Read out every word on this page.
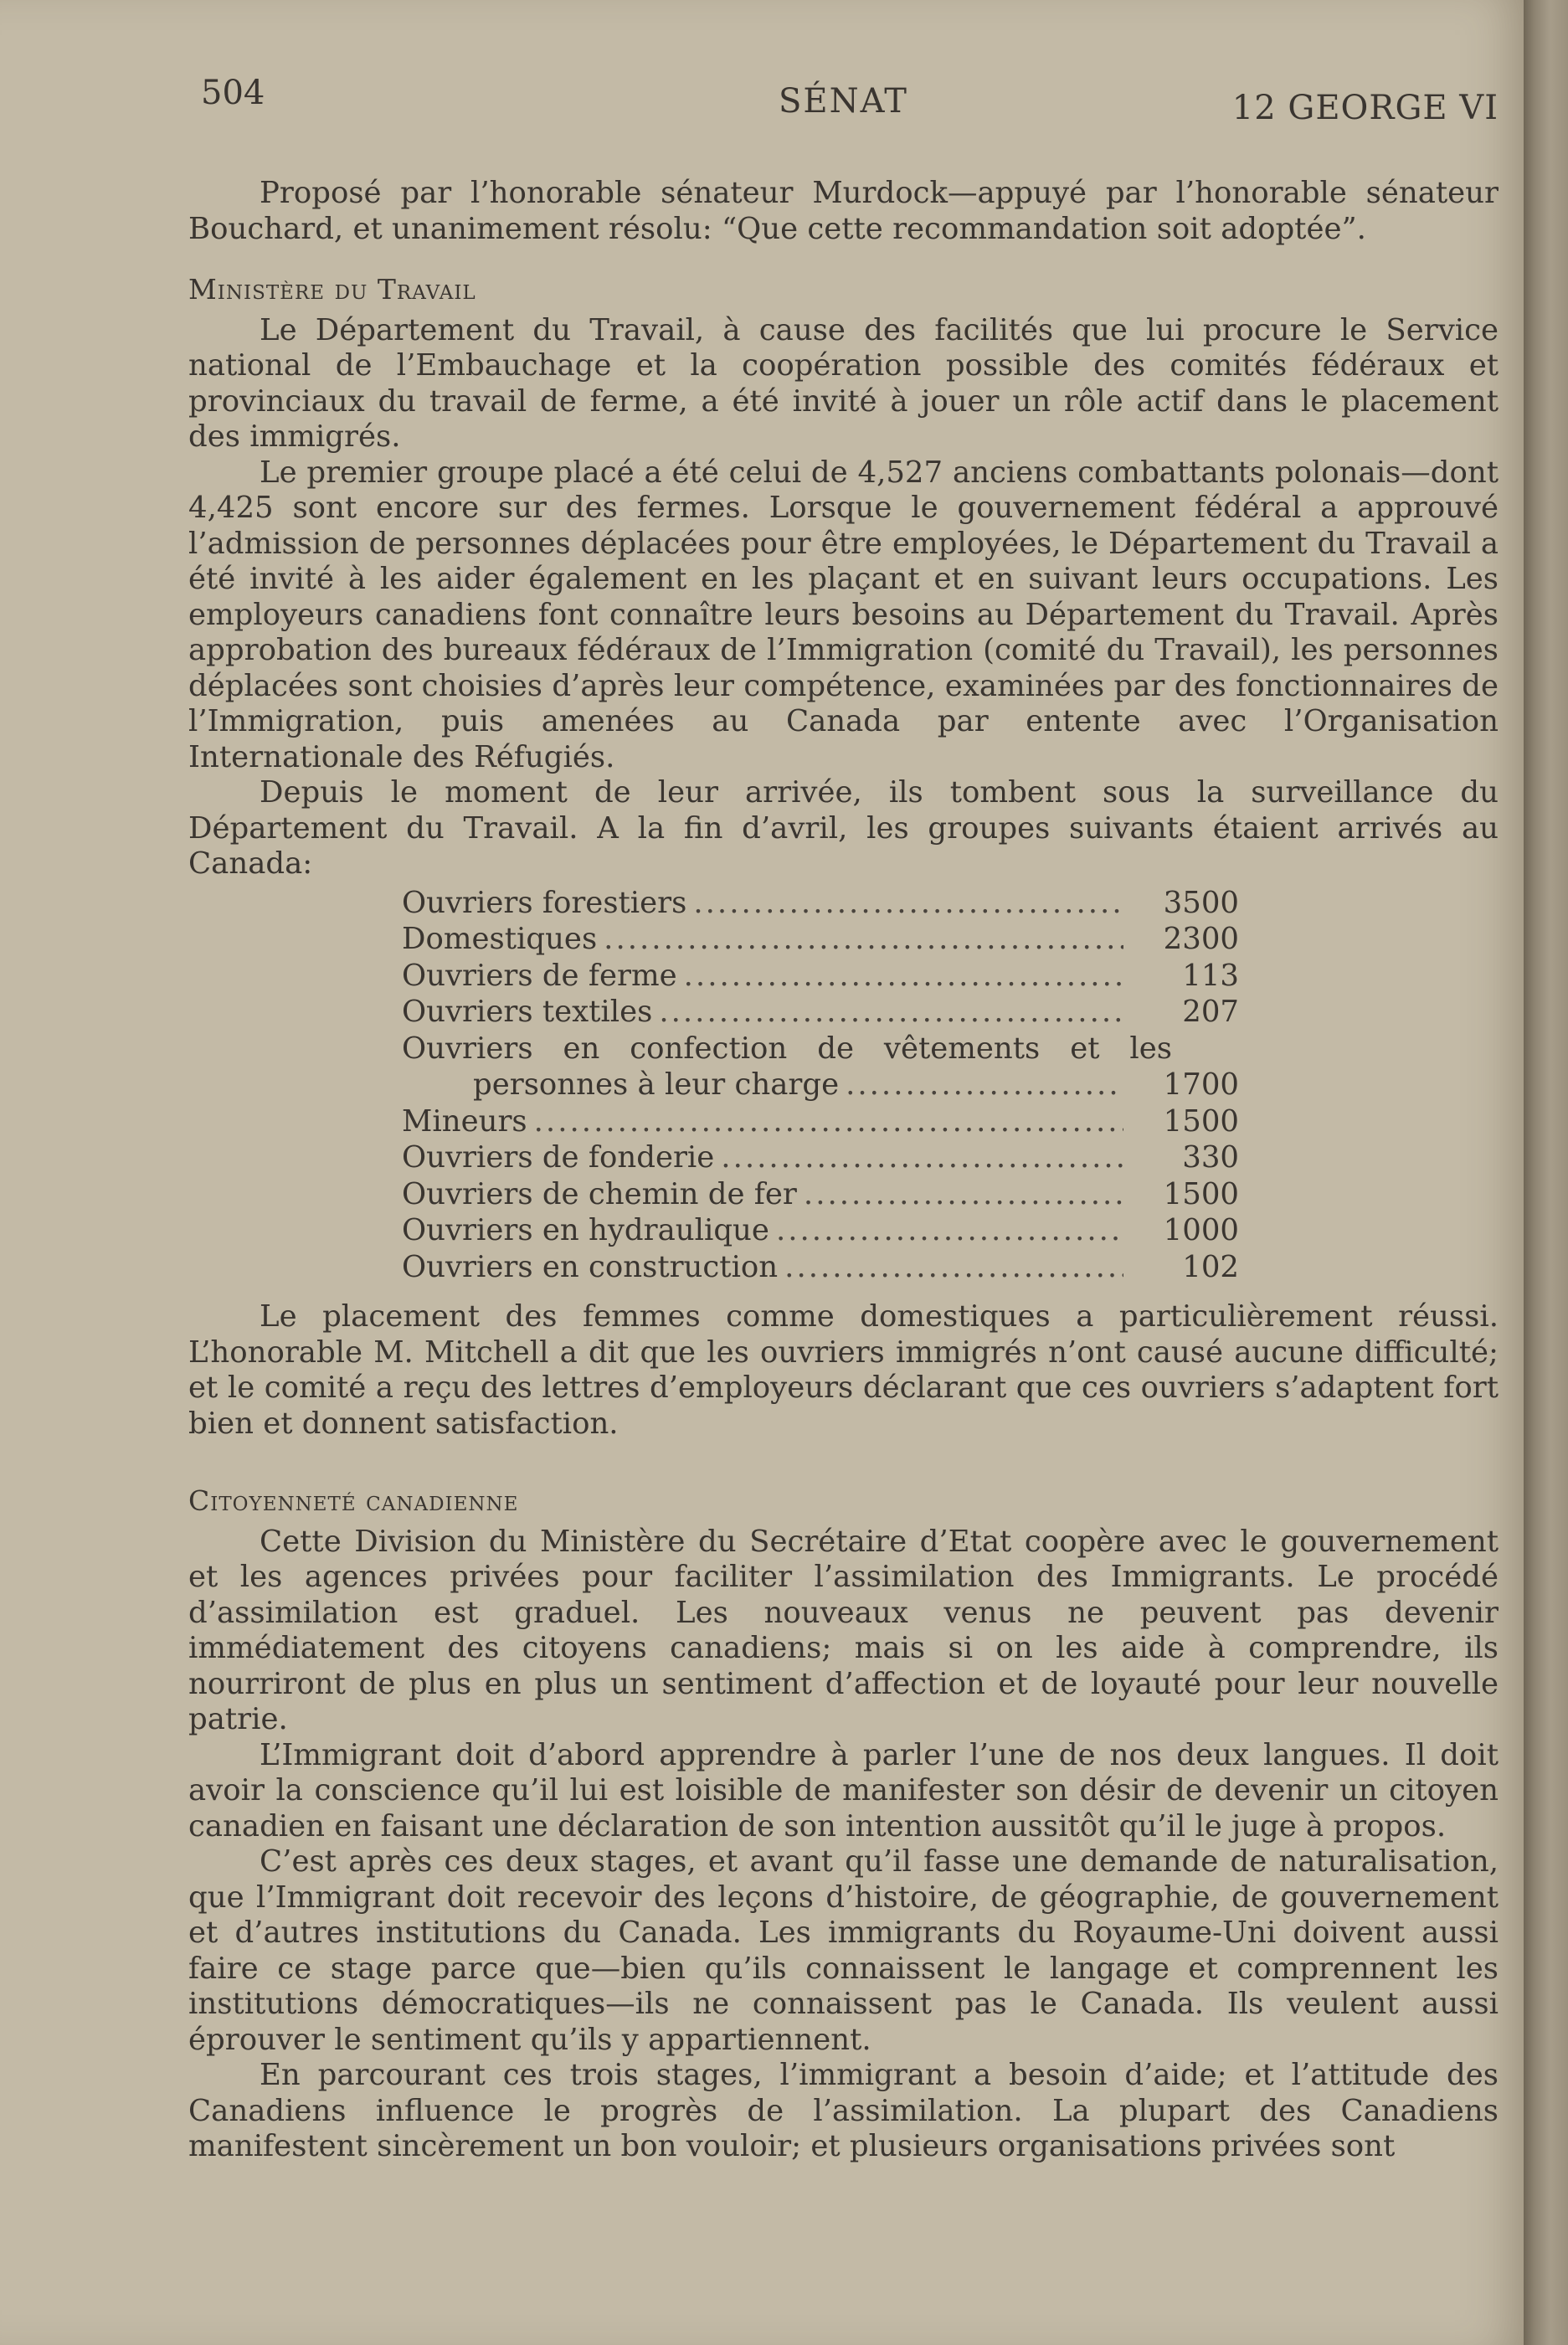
504	SÉNAT	12 GEORGE VI

Proposé par l’honorable sénateur Murdock—appuyé par l’honorable sénateur Bouchard, et unanimement résolu: “Que cette recommandation soit adoptée”.

Ministère du Travail

Le Département du Travail, à cause des facilités que lui procure le Service national de l’Embauchage et la coopération possible des comités fédéraux et provinciaux du travail de ferme, a été invité à jouer un rôle actif dans le placement des immigrés.

Le premier groupe placé a été celui de 4,527 anciens combattants polonais—dont 4,425 sont encore sur des fermes. Lorsque le gouvernement fédéral a approuvé l’admission de personnes déplacées pour être employées, le Département du Travail a été invité à les aider également en les plaçant et en suivant leurs occupations. Les employeurs canadiens font connaître leurs besoins au Département du Travail. Après approbation des bureaux fédéraux de l’Immigration (comité du Travail), les personnes déplacées sont choisies d’après leur compétence, examinées par des fonctionnaires de l’Immigration, puis amenées au Canada par entente avec l’Organisation Internationale des Réfugiés.

Depuis le moment de leur arrivée, ils tombent sous la surveillance du Département du Travail. A la fin d’avril, les groupes suivants étaient arrivés au Canada:

Ouvriers forestiers .....	3500
Domestiques .....	2300
Ouvriers de ferme .....	113
Ouvriers textiles .....	207
Ouvriers en confection de vêtements et les
personnes à leur charge .....	1700
Mineurs .....	1500
Ouvriers de fonderie .....	330
Ouvriers de chemin de fer .....	1500
Ouvriers en hydraulique .....	1000
Ouvriers en construction .....	102

Le placement des femmes comme domestiques a particulièrement réussi. L’honorable M. Mitchell a dit que les ouvriers immigrés n’ont causé aucune difficulté; et le comité a reçu des lettres d’employeurs déclarant que ces ouvriers s’adaptent fort bien et donnent satisfaction.

Citoyenneté canadienne

Cette Division du Ministère du Secrétaire d’Etat coopère avec le gouvernement et les agences privées pour faciliter l’assimilation des Immigrants. Le procédé d’assimilation est graduel. Les nouveaux venus ne peuvent pas devenir immédiatement des citoyens canadiens; mais si on les aide à comprendre, ils nourriront de plus en plus un sentiment d’affection et de loyauté pour leur nouvelle patrie.

L’Immigrant doit d’abord apprendre à parler l’une de nos deux langues. Il doit avoir la conscience qu’il lui est loisible de manifester son désir de devenir un citoyen canadien en faisant une déclaration de son intention aussitôt qu’il le juge à propos.

C’est après ces deux stages, et avant qu’il fasse une demande de naturalisation, que l’Immigrant doit recevoir des leçons d’histoire, de géographie, de gouvernement et d’autres institutions du Canada. Les immigrants du Royaume-Uni doivent aussi faire ce stage parce que—bien qu’ils connaissent le langage et comprennent les institutions démocratiques—ils ne connaissent pas le Canada. Ils veulent aussi éprouver le sentiment qu’ils y appartiennent.

En parcourant ces trois stages, l’immigrant a besoin d’aide; et l’attitude des Canadiens influence le progrès de l’assimilation. La plupart des Canadiens manifestent sincèrement un bon vouloir; et plusieurs organisations privées sont
